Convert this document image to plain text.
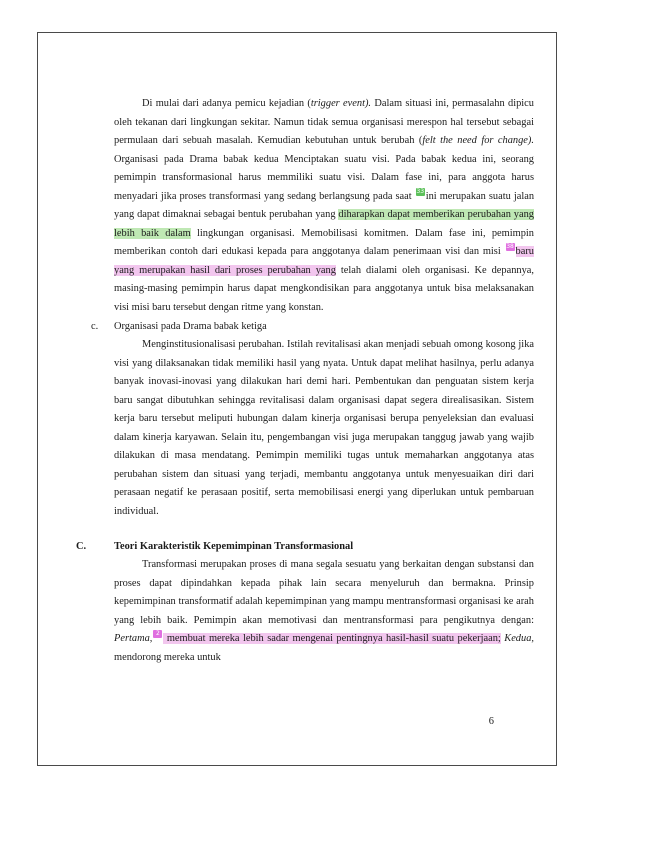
Di mulai dari adanya pemicu kejadian (trigger event). Dalam situasi ini, permasalahn dipicu oleh tekanan dari lingkungan sekitar. Namun tidak semua organisasi merespon hal tersebut sebagai permulaan dari sebuah masalah. Kemudian kebutuhan untuk berubah (felt the need for change). Organisasi pada Drama babak kedua Menciptakan suatu visi. Pada babak kedua ini, seorang pemimpin transformasional harus memmiliki suatu visi. Dalam fase ini, para anggota harus menyadari jika proses transformasi yang sedang berlangsung pada saat 33 ini merupakan suatu jalan yang dapat dimaknai sebagai bentuk perubahan yang diharapkan dapat memberikan perubahan yang lebih baik dalam lingkungan organisasi. Memobilisasi komitmen. Dalam fase ini, pemimpin memberikan contoh dari edukasi kepada para anggotanya dalam penerimaan visi dan misi 38 baru yang merupakan hasil dari proses perubahan yang telah dialami oleh organisasi. Ke depannya, masing-masing pemimpin harus dapat mengkondisikan para anggotanya untuk bisa melaksanakan visi misi baru tersebut dengan ritme yang konstan.

c. Organisasi pada Drama babak ketiga

Menginstitusionalisasi perubahan. Istilah revitalisasi akan menjadi sebuah omong kosong jika visi yang dilaksanakan tidak memiliki hasil yang nyata. Untuk dapat melihat hasilnya, perlu adanya banyak inovasi-inovasi yang dilakukan hari demi hari. Pembentukan dan penguatan sistem kerja baru sangat dibutuhkan sehingga revitalisasi dalam organisasi dapat segera direalisasikan. Sistem kerja baru tersebut meliputi hubungan dalam kinerja organisasi berupa penyeleksian dan evaluasi dalam kinerja karyawan. Selain itu, pengembangan visi juga merupakan tanggug jawab yang wajib dilakukan di masa mendatang. Pemimpin memiliki tugas untuk memaharkan anggotanya atas perubahan sistem dan situasi yang terjadi, membantu anggotanya untuk menyesuaikan diri dari perasaan negatif ke perasaan positif, serta memobilisasi energi yang diperlukan untuk pembaruan individual.

C.	Teori Karakteristik Kepemimpinan Transformasional

Transformasi merupakan proses di mana segala sesuatu yang berkaitan dengan substansi dan proses dapat dipindahkan kepada pihak lain secara menyeluruh dan bermakna. Prinsip kepemimpinan transformatif adalah kepemimpinan yang mampu mentransformasi organisasi ke arah yang lebih baik. Pemimpin akan memotivasi dan mentransformasi para pengikutnya dengan: Pertama, 2 membuat mereka lebih sadar mengenai pentingnya hasil-hasil suatu pekerjaan; Kedua, mendorong mereka untuk

6
